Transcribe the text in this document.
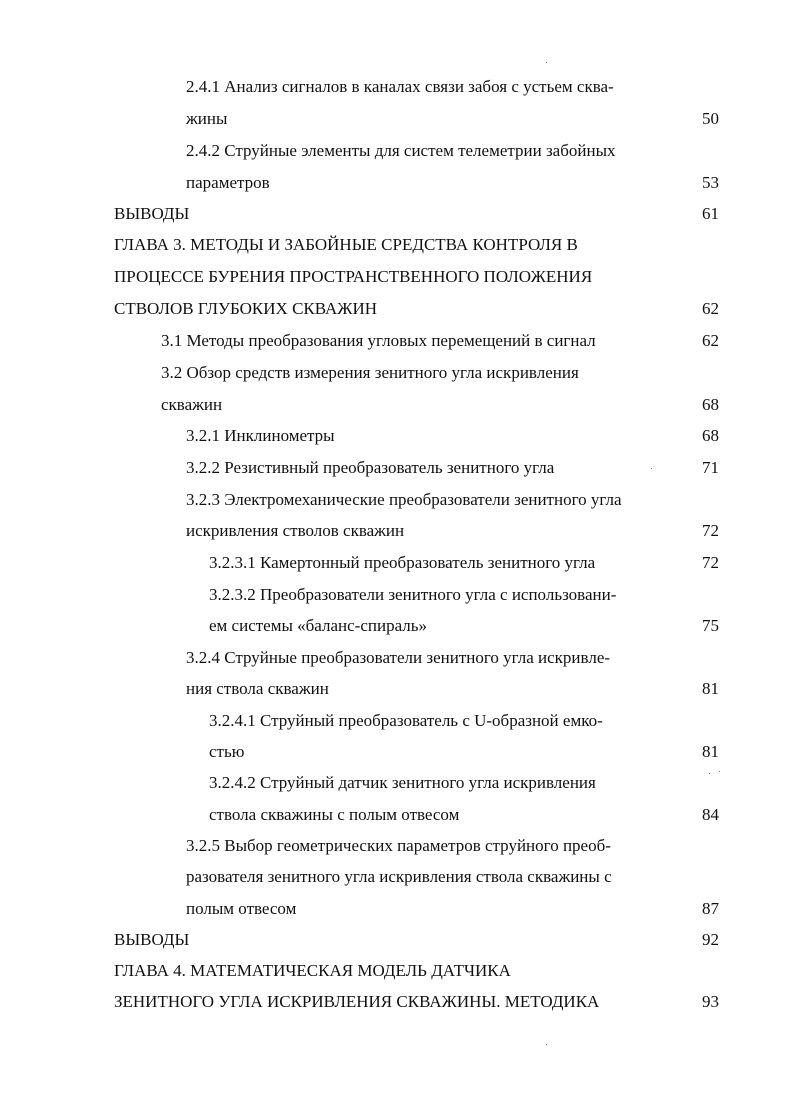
2.4.1 Анализ сигналов в каналах связи забоя с устьем сква-
жины	50
2.4.2 Струйные элементы для систем телеметрии забойных
параметров	53
ВЫВОДЫ	61
ГЛАВА 3. МЕТОДЫ И ЗАБОЙНЫЕ СРЕДСТВА КОНТРОЛЯ В
ПРОЦЕССЕ БУРЕНИЯ ПРОСТРАНСТВЕННОГО ПОЛОЖЕНИЯ
СТВОЛОВ ГЛУБОКИХ СКВАЖИН	62
3.1 Методы преобразования угловых перемещений в сигнал	62
3.2 Обзор средств измерения зенитного угла искривления
скважин	68
3.2.1 Инклинометры	68
3.2.2 Резистивный преобразователь зенитного угла	71
3.2.3 Электромеханические преобразователи зенитного угла
искривления стволов скважин	72
3.2.3.1 Камертонный преобразователь зенитного угла	72
3.2.3.2 Преобразователи зенитного угла с использовани-
ем системы «баланс-спираль»	75
3.2.4 Струйные преобразователи зенитного угла искривле-
ния ствола скважин	81
3.2.4.1 Струйный преобразователь с U-образной емко-
стью	81
3.2.4.2 Струйный датчик зенитного угла искривления
ствола скважины с полым отвесом	84
3.2.5 Выбор геометрических параметров струйного преоб-
разователя зенитного угла искривления ствола скважины с
полым отвесом	87
ВЫВОДЫ	92
ГЛАВА 4. МАТЕМАТИЧЕСКАЯ МОДЕЛЬ ДАТЧИКА
ЗЕНИТНОГО УГЛА ИСКРИВЛЕНИЯ СКВАЖИНЫ. МЕТОДИКА	93
